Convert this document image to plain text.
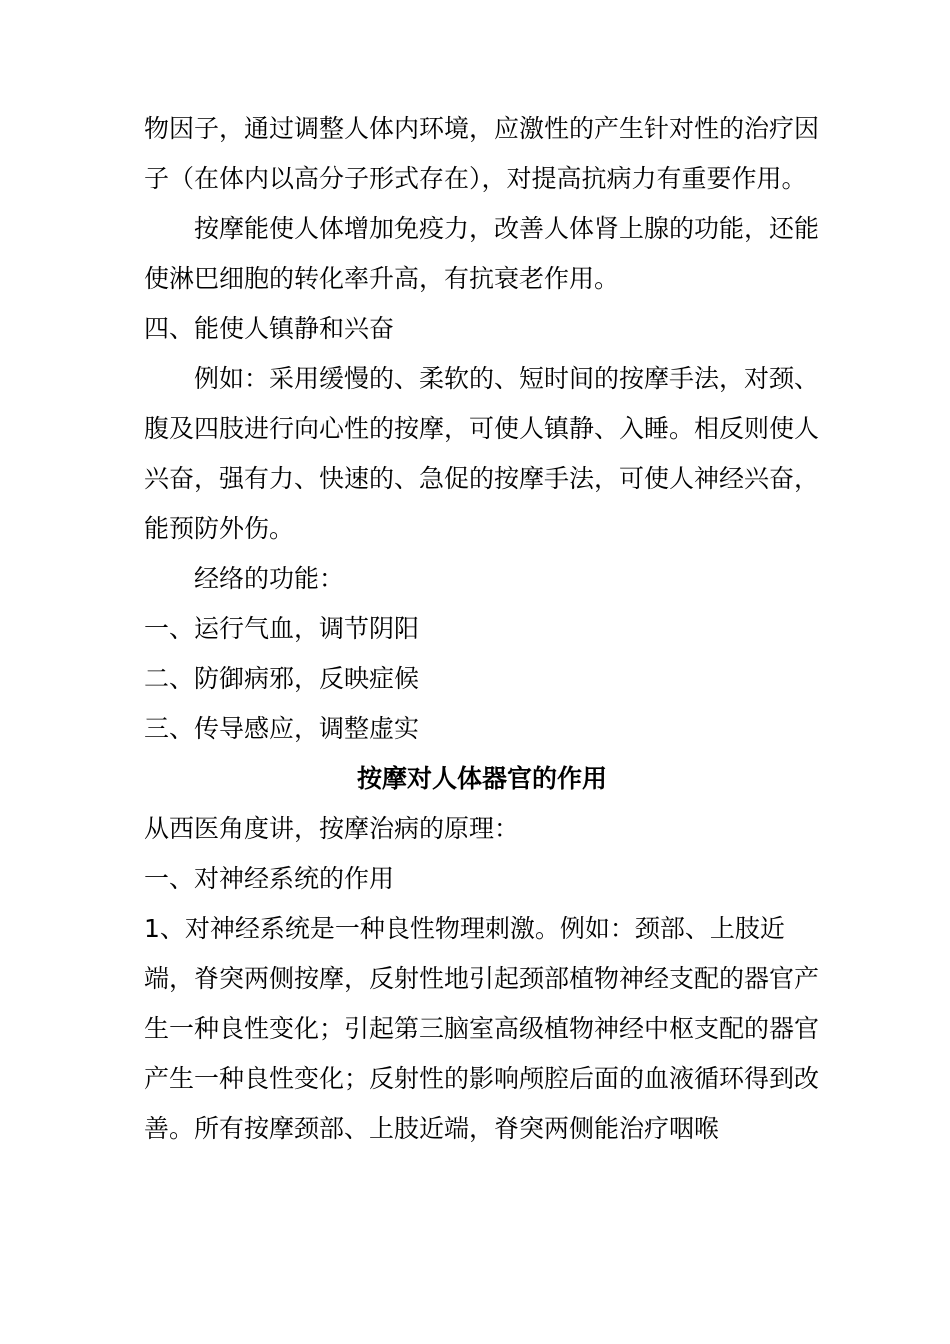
物因子，通过调整人体内环境，应激性的产生针对性的治疗因子（在体内以高分子形式存在），对提高抗病力有重要作用。

按摩能使人体增加免疫力，改善人体肾上腺的功能，还能使淋巴细胞的转化率升高，有抗衰老作用。

四、能使人镇静和兴奋

例如：采用缓慢的、柔软的、短时间的按摩手法，对颈、腹及四肢进行向心性的按摩，可使人镇静、入睡。相反则使人兴奋，强有力、快速的、急促的按摩手法，可使人神经兴奋，能预防外伤。

经络的功能：

一、运行气血，调节阴阳

二、防御病邪，反映症候

三、传导感应，调整虚实

按摩对人体器官的作用

从西医角度讲，按摩治病的原理：

一、对神经系统的作用

1、对神经系统是一种良性物理刺激。例如：颈部、上肢近端，脊突两侧按摩，反射性地引起颈部植物神经支配的器官产生一种良性变化；引起第三脑室高级植物神经中枢支配的器官产生一种良性变化；反射性的影响颅腔后面的血液循环得到改善。所有按摩颈部、上肢近端，脊突两侧能治疗咽喉
